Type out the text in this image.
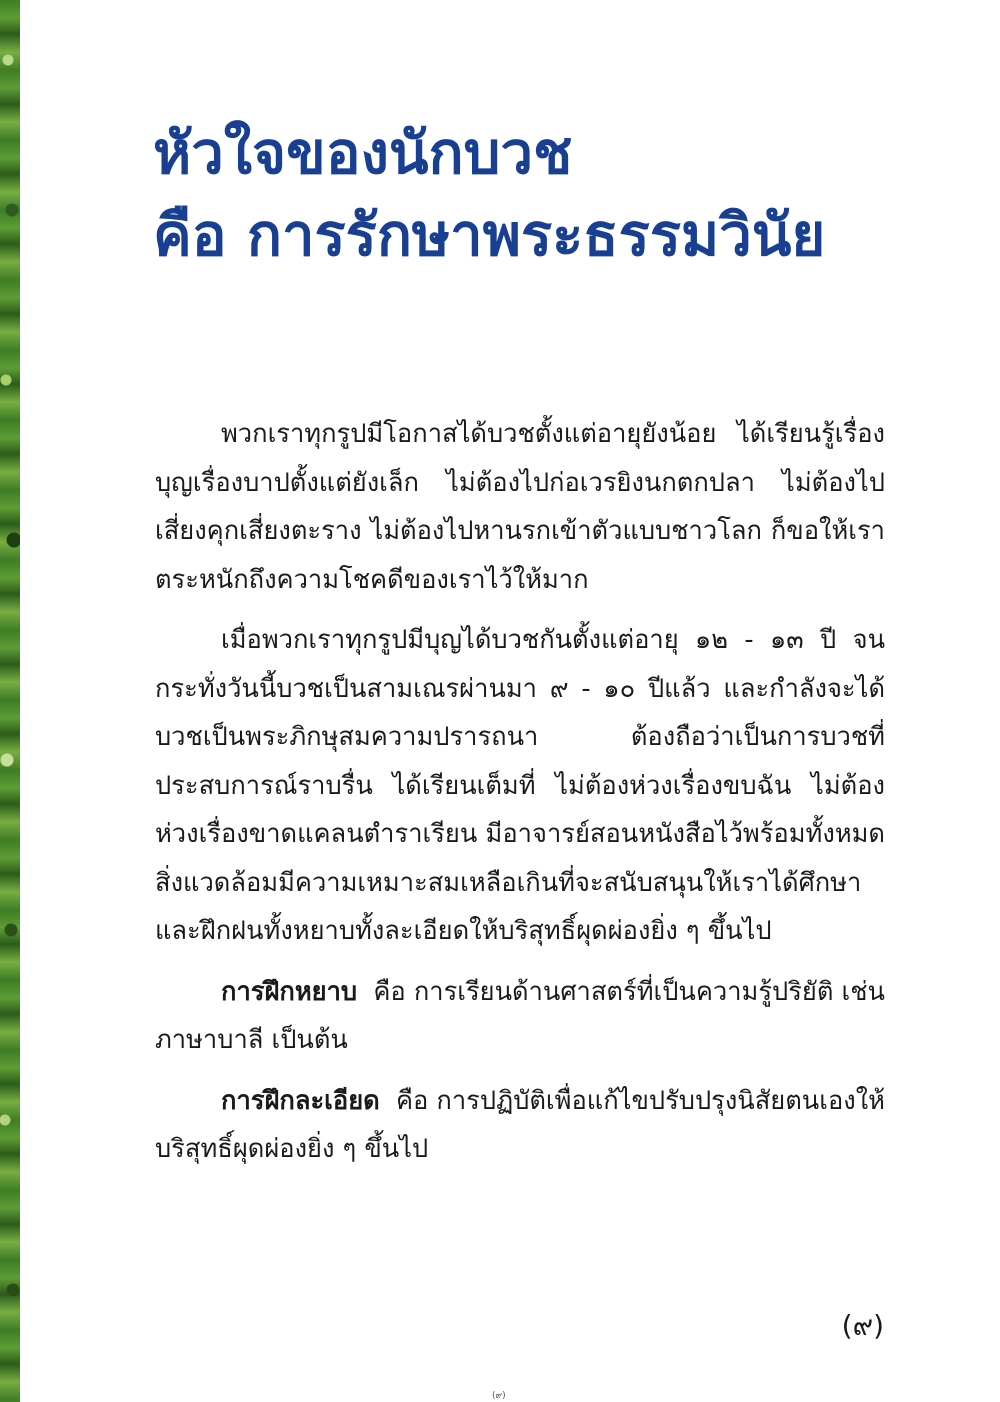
หัวใจของนักบวช
คือ การรักษาพระธรรมวินัย

พวกเราทุกรูปมีโอกาสได้บวชตั้งแต่อายุยังน้อย ได้เรียนรู้เรื่องบุญเรื่องบาปตั้งแต่ยังเล็ก ไม่ต้องไปก่อเวรยิงนกตกปลา ไม่ต้องไปเสี่ยงคุกเสี่ยงตะราง ไม่ต้องไปหานรกเข้าตัวแบบชาวโลก ก็ขอให้เราตระหนักถึงความโชคดีของเราไว้ให้มาก

เมื่อพวกเราทุกรูปมีบุญได้บวชกันตั้งแต่อายุ ๑๒ - ๑๓ ปี จนกระทั่งวันนี้บวชเป็นสามเณรผ่านมา ๙ - ๑๐ ปีแล้ว และกำลังจะได้บวชเป็นพระภิกษุสมความปรารถนา ต้องถือว่าเป็นการบวชที่ประสบการณ์ราบรื่น ได้เรียนเต็มที่ ไม่ต้องห่วงเรื่องขบฉัน ไม่ต้องห่วงเรื่องขาดแคลนตำราเรียน มีอาจารย์สอนหนังสือไว้พร้อมทั้งหมด สิ่งแวดล้อมมีความเหมาะสมเหลือเกินที่จะสนับสนุนให้เราได้ศึกษาและฝึกฝนทั้งหยาบทั้งละเอียดให้บริสุทธิ์ผุดผ่องยิ่ง ๆ ขึ้นไป

การฝึกหยาบ คือ การเรียนด้านศาสตร์ที่เป็นความรู้ปริยัติ เช่น ภาษาบาลี เป็นต้น

การฝึกละเอียด คือ การปฏิบัติเพื่อแก้ไขปรับปรุงนิสัยตนเองให้บริสุทธิ์ผุดผ่องยิ่ง ๆ ขึ้นไป

(๙)
(๙)
